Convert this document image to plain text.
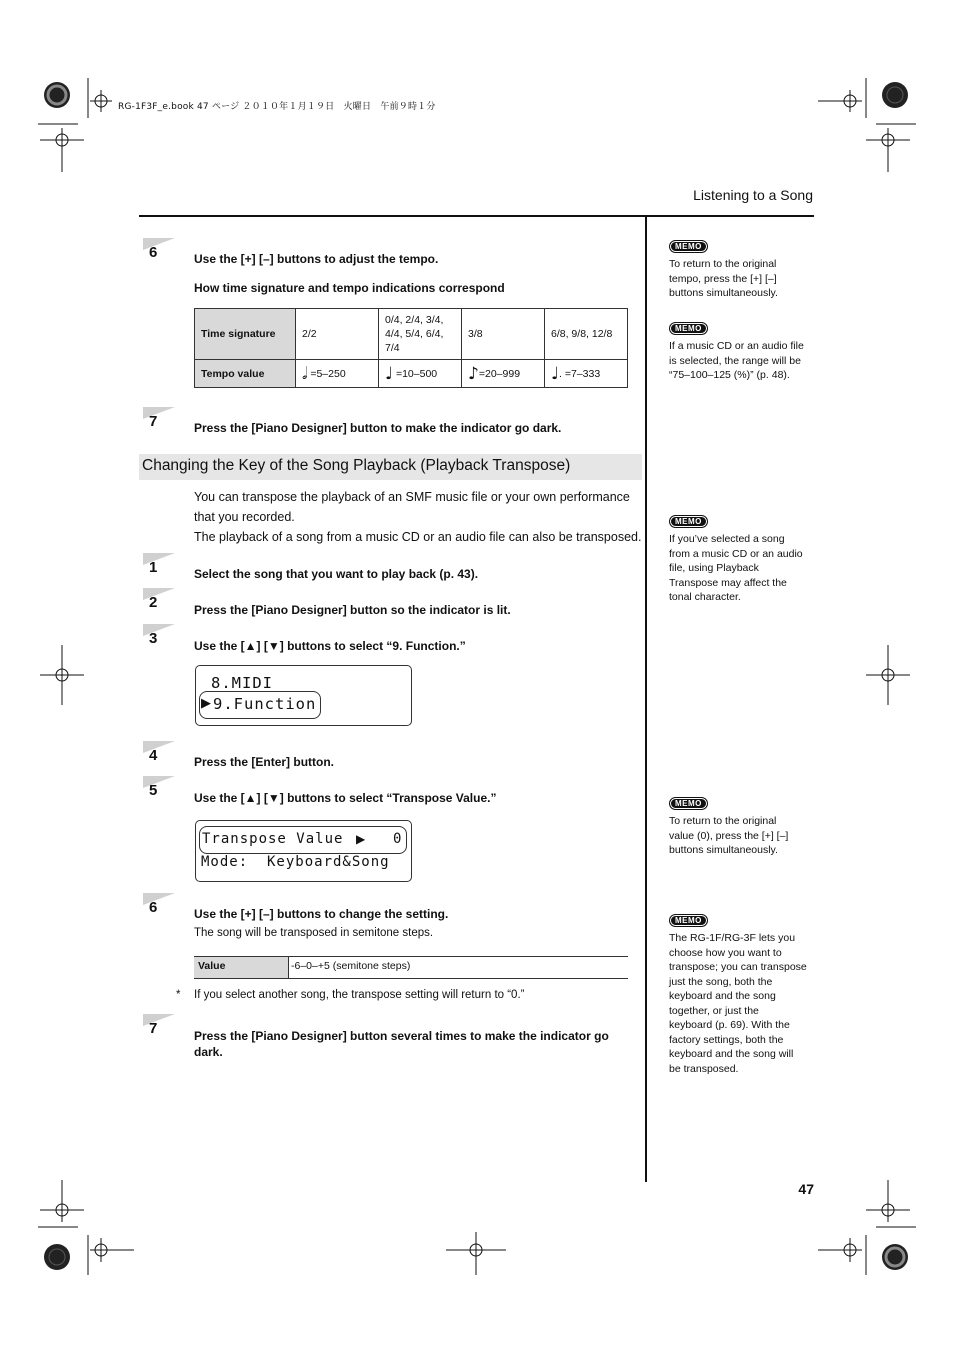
RG-1F3F_e.book 47 ページ ２０１０年１月１９日　火曜日　午前９時１分
Listening to a Song
6	Use the [+] [–] buttons to adjust the tempo.
How time signature and tempo indications correspond
Time signature	2/2	0/4, 2/4, 3/4,
4/4, 5/4, 6/4,
7/4	3/8	6/8, 9/8, 12/8
Tempo value	𝅗𝅥 =5–250	♩ =10–500	♪=20–999	♩. =7–333
7	Press the [Piano Designer] button to make the indicator go dark.
Changing the Key of the Song Playback (Playback Transpose)
You can transpose the playback of an SMF music file or your own performance
that you recorded.
The playback of a song from a music CD or an audio file can also be transposed.
1	Select the song that you want to play back (p. 43).
2	Press the [Piano Designer] button so the indicator is lit.
3	Use the [▲] [▼] buttons to select “9. Function.”
8.MIDI
▶ 9.Function
4	Press the [Enter] button.
5	Use the [▲] [▼] buttons to select “Transpose Value.”
Transpose Value ▶ 0
Mode:  Keyboard&Song
6	Use the [+] [–] buttons to change the setting.
The song will be transposed in semitone steps.
Value	-6–0–+5 (semitone steps)
* If you select another song, the transpose setting will return to “0.”
7	Press the [Piano Designer] button several times to make the indicator go
dark.
MEMO
To return to the original
tempo, press the [+] [–]
buttons simultaneously.
MEMO
If a music CD or an audio file
is selected, the range will be
“75–100–125 (%)” (p. 48).
MEMO
If you’ve selected a song
from a music CD or an audio
file, using Playback
Transpose may affect the
tonal character.
MEMO
To return to the original
value (0), press the [+] [–]
buttons simultaneously.
MEMO
The RG-1F/RG-3F lets you
choose how you want to
transpose; you can transpose
just the song, both the
keyboard and the song
together, or just the
keyboard (p. 69). With the
factory settings, both the
keyboard and the song will
be transposed.
47
